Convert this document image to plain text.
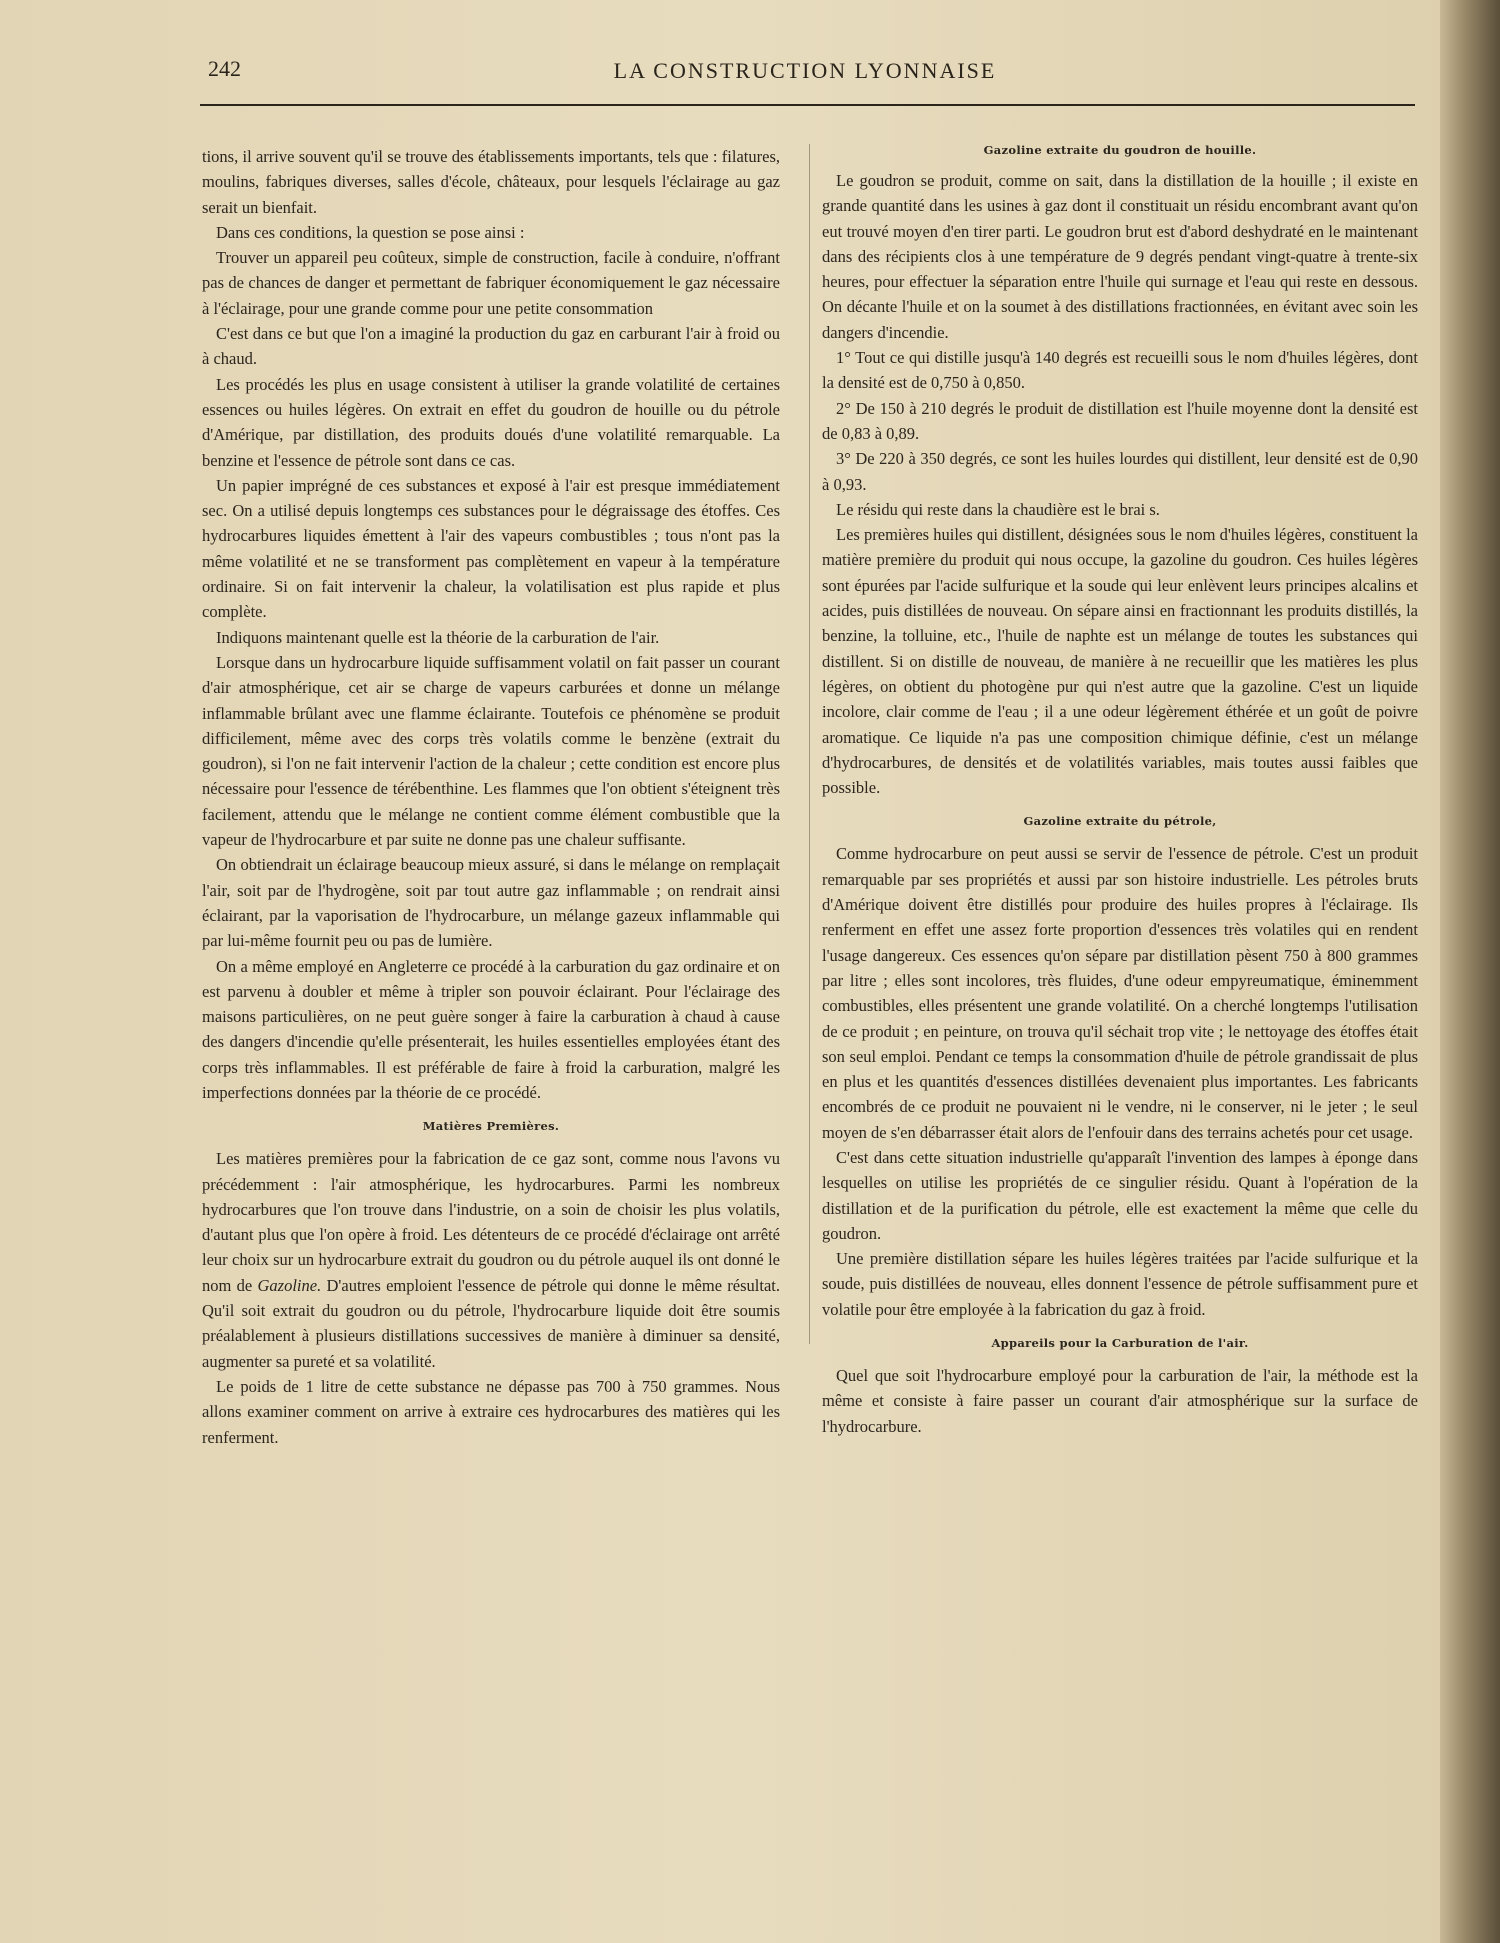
242	LA CONSTRUCTION LYONNAISE

tions, il arrive souvent qu'il se trouve des établissements importants, tels que : filatures, moulins, fabriques diverses, salles d'école, châteaux, pour lesquels l'éclairage au gaz serait un bienfait.

Dans ces conditions, la question se pose ainsi :

Trouver un appareil peu coûteux, simple de construction, facile à conduire, n'offrant pas de chances de danger et permettant de fabriquer économiquement le gaz nécessaire à l'éclairage, pour une grande comme pour une petite consommation

C'est dans ce but que l'on a imaginé la production du gaz en carburant l'air à froid ou à chaud.

Les procédés les plus en usage consistent à utiliser la grande volatilité de certaines essences ou huiles légères. On extrait en effet du goudron de houille ou du pétrole d'Amérique, par distillation, des produits doués d'une volatilité remarquable. La benzine et l'essence de pétrole sont dans ce cas.

Un papier imprégné de ces substances et exposé à l'air est presque immédiatement sec. On a utilisé depuis longtemps ces substances pour le dégraissage des étoffes. Ces hydrocarbures liquides émettent à l'air des vapeurs combustibles ; tous n'ont pas la même volatilité et ne se transforment pas complètement en vapeur à la température ordinaire. Si on fait intervenir la chaleur, la volatilisation est plus rapide et plus complète.

Indiquons maintenant quelle est la théorie de la carburation de l'air.

Lorsque dans un hydrocarbure liquide suffisamment volatil on fait passer un courant d'air atmosphérique, cet air se charge de vapeurs carburées et donne un mélange inflammable brûlant avec une flamme éclairante. Toutefois ce phénomène se produit difficilement, même avec des corps très volatils comme le benzène (extrait du goudron), si l'on ne fait intervenir l'action de la chaleur ; cette condition est encore plus nécessaire pour l'essence de térébenthine. Les flammes que l'on obtient s'éteignent très facilement, attendu que le mélange ne contient comme élément combustible que la vapeur de l'hydrocarbure et par suite ne donne pas une chaleur suffisante.

On obtiendrait un éclairage beaucoup mieux assuré, si dans le mélange on remplaçait l'air, soit par de l'hydrogène, soit par tout autre gaz inflammable ; on rendrait ainsi éclairant, par la vaporisation de l'hydrocarbure, un mélange gazeux inflammable qui par lui-même fournit peu ou pas de lumière.

On a même employé en Angleterre ce procédé à la carburation du gaz ordinaire et on est parvenu à doubler et même à tripler son pouvoir éclairant. Pour l'éclairage des maisons particulières, on ne peut guère songer à faire la carburation à chaud à cause des dangers d'incendie qu'elle présenterait, les huiles essentielles employées étant des corps très inflammables. Il est préférable de faire à froid la carburation, malgré les imperfections données par la théorie de ce procédé.

Matières Premières.

Les matières premières pour la fabrication de ce gaz sont, comme nous l'avons vu précédemment : l'air atmosphérique, les hydrocarbures. Parmi les nombreux hydrocarbures que l'on trouve dans l'industrie, on a soin de choisir les plus volatils, d'autant plus que l'on opère à froid. Les détenteurs de ce procédé d'éclairage ont arrêté leur choix sur un hydrocarbure extrait du goudron ou du pétrole auquel ils ont donné le nom de Gazoline. D'autres emploient l'essence de pétrole qui donne le même résultat. Qu'il soit extrait du goudron ou du pétrole, l'hydrocarbure liquide doit être soumis préalablement à plusieurs distillations successives de manière à diminuer sa densité, augmenter sa pureté et sa volatilité.

Le poids de 1 litre de cette substance ne dépasse pas 700 à 750 grammes. Nous allons examiner comment on arrive à extraire ces hydrocarbures des matières qui les renferment.

Gazoline extraite du goudron de houille.

Le goudron se produit, comme on sait, dans la distillation de la houille ; il existe en grande quantité dans les usines à gaz dont il constituait un résidu encombrant avant qu'on eut trouvé moyen d'en tirer parti. Le goudron brut est d'abord deshydraté en le maintenant dans des récipients clos à une température de 9 degrés pendant vingt-quatre à trente-six heures, pour effectuer la séparation entre l'huile qui surnage et l'eau qui reste en dessous. On décante l'huile et on la soumet à des distillations fractionnées, en évitant avec soin les dangers d'incendie.

1° Tout ce qui distille jusqu'à 140 degrés est recueilli sous le nom d'huiles légères, dont la densité est de 0,750 à 0,850.

2° De 150 à 210 degrés le produit de distillation est l'huile moyenne dont la densité est de 0,83 à 0,89.

3° De 220 à 350 degrés, ce sont les huiles lourdes qui distillent, leur densité est de 0,90 à 0,93.

Le résidu qui reste dans la chaudière est le brai s.

Les premières huiles qui distillent, désignées sous le nom d'huiles légères, constituent la matière première du produit qui nous occupe, la gazoline du goudron. Ces huiles légères sont épurées par l'acide sulfurique et la soude qui leur enlèvent leurs principes alcalins et acides, puis distillées de nouveau. On sépare ainsi en fractionnant les produits distillés, la benzine, la tolluine, etc., l'huile de naphte est un mélange de toutes les substances qui distillent. Si on distille de nouveau, de manière à ne recueillir que les matières les plus légères, on obtient du photogène pur qui n'est autre que la gazoline. C'est un liquide incolore, clair comme de l'eau ; il a une odeur légèrement éthérée et un goût de poivre aromatique. Ce liquide n'a pas une composition chimique définie, c'est un mélange d'hydrocarbures, de densités et de volatilités variables, mais toutes aussi faibles que possible.

Gazoline extraite du pétrole,

Comme hydrocarbure on peut aussi se servir de l'essence de pétrole. C'est un produit remarquable par ses propriétés et aussi par son histoire industrielle. Les pétroles bruts d'Amérique doivent être distillés pour produire des huiles propres à l'éclairage. Ils renferment en effet une assez forte proportion d'essences très volatiles qui en rendent l'usage dangereux. Ces essences qu'on sépare par distillation pèsent 750 à 800 grammes par litre ; elles sont incolores, très fluides, d'une odeur empyreumatique, éminemment combustibles, elles présentent une grande volatilité. On a cherché longtemps l'utilisation de ce produit ; en peinture, on trouva qu'il séchait trop vite ; le nettoyage des étoffes était son seul emploi. Pendant ce temps la consommation d'huile de pétrole grandissait de plus en plus et les quantités d'essences distillées devenaient plus importantes. Les fabricants encombrés de ce produit ne pouvaient ni le vendre, ni le conserver, ni le jeter ; le seul moyen de s'en débarrasser était alors de l'enfouir dans des terrains achetés pour cet usage.

C'est dans cette situation industrielle qu'apparaît l'invention des lampes à éponge dans lesquelles on utilise les propriétés de ce singulier résidu. Quant à l'opération de la distillation et de la purification du pétrole, elle est exactement la même que celle du goudron.

Une première distillation sépare les huiles légères traitées par l'acide sulfurique et la soude, puis distillées de nouveau, elles donnent l'essence de pétrole suffisamment pure et volatile pour être employée à la fabrication du gaz à froid.

Appareils pour la Carburation de l'air.

Quel que soit l'hydrocarbure employé pour la carburation de l'air, la méthode est la même et consiste à faire passer un courant d'air atmosphérique sur la surface de l'hydrocarbure.
